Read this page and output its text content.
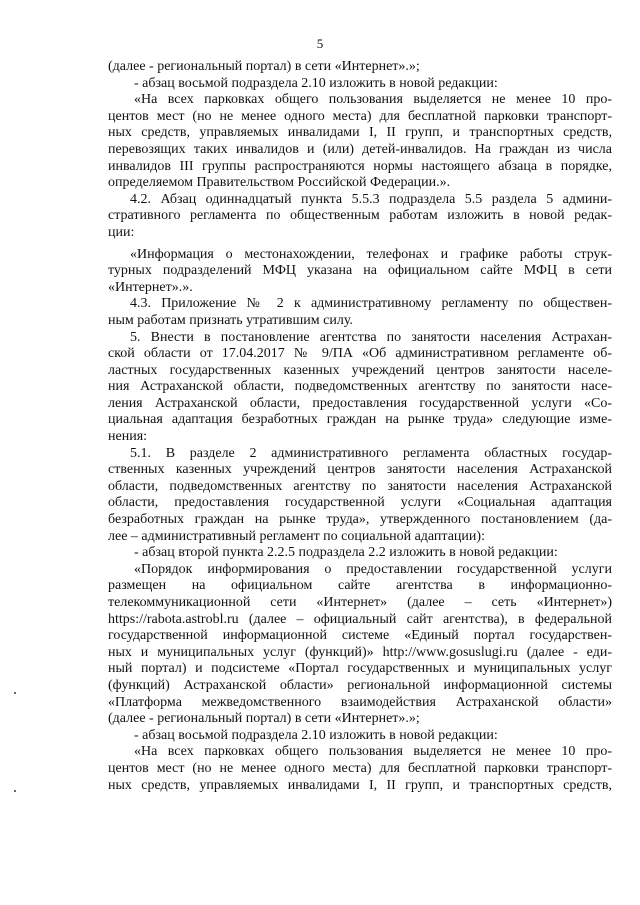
5
(далее - региональный портал) в сети «Интернет».»;
- абзац восьмой подраздела 2.10 изложить в новой редакции:
«На всех парковках общего пользования выделяется не менее 10 про-
центов мест (но не менее одного места) для бесплатной парковки транспорт-
ных средств, управляемых инвалидами I, II групп, и транспортных средств,
перевозящих таких инвалидов и (или) детей-инвалидов. На граждан из числа
инвалидов III группы распространяются нормы настоящего абзаца в порядке,
определяемом Правительством Российской Федерации.».
4.2. Абзац одиннадцатый пункта 5.5.3 подраздела 5.5 раздела 5 админи-
стративного регламента по общественным работам изложить в новой редак-
ции:
«Информация о местонахождении, телефонах и графике работы струк-
турных подразделений МФЦ указана на официальном сайте МФЦ в сети
«Интернет».».
4.3. Приложение № 2 к административному регламенту по обществен-
ным работам признать утратившим силу.
5. Внести в постановление агентства по занятости населения Астрахан-
ской области от 17.04.2017 № 9/ПА «Об административном регламенте об-
ластных государственных казенных учреждений центров занятости населе-
ния Астраханской области, подведомственных агентству по занятости насе-
ления Астраханской области, предоставления государственной услуги «Со-
циальная адаптация безработных граждан на рынке труда» следующие изме-
нения:
5.1. В разделе 2 административного регламента областных государ-
ственных казенных учреждений центров занятости населения Астраханской
области, подведомственных агентству по занятости населения Астраханской
области, предоставления государственной услуги «Социальная адаптация
безработных граждан на рынке труда», утвержденного постановлением (да-
лее – административный регламент по социальной адаптации):
- абзац второй пункта 2.2.5 подраздела 2.2 изложить в новой редакции:
«Порядок информирования о предоставлении государственной услуги
размещен на официальном сайте агентства в информационно-
телекоммуникационной сети «Интернет» (далее – сеть «Интернет»)
https://rabota.astrobl.ru (далее – официальный сайт агентства), в федеральной
государственной информационной системе «Единый портал государствен-
ных и муниципальных услуг (функций)» http://www.gosuslugi.ru (далее - еди-
ный портал) и подсистеме «Портал государственных и муниципальных услуг
(функций) Астраханской области» региональной информационной системы
«Платформа межведомственного взаимодействия Астраханской области»
(далее - региональный портал) в сети «Интернет».»;
- абзац восьмой подраздела 2.10 изложить в новой редакции:
«На всех парковках общего пользования выделяется не менее 10 про-
центов мест (но не менее одного места) для бесплатной парковки транспорт-
ных средств, управляемых инвалидами I, II групп, и транспортных средств,
